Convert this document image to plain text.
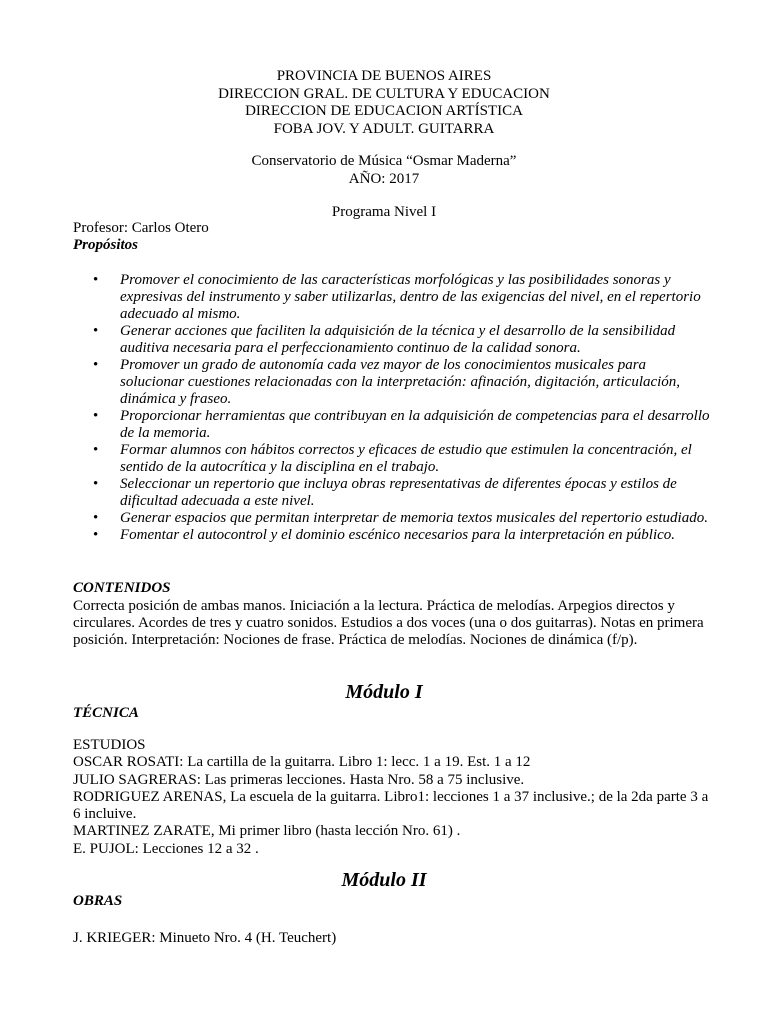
PROVINCIA DE BUENOS AIRES
DIRECCION GRAL. DE CULTURA Y EDUCACION
DIRECCION DE EDUCACION ARTÍSTICA
FOBA JOV. Y ADULT. GUITARRA
Conservatorio de Música “Osmar Maderna”
AÑO: 2017
Programa Nivel I
Profesor: Carlos Otero
Propósitos
• Promover el conocimiento de las características morfológicas y las posibilidades sonoras y expresivas del instrumento y saber utilizarlas, dentro de las exigencias del nivel, en el repertorio adecuado al mismo.
• Generar acciones que faciliten la adquisición de la técnica y el desarrollo de la sensibilidad auditiva necesaria para el perfeccionamiento continuo de la calidad sonora.
• Promover un grado de autonomía cada vez mayor de los conocimientos musicales para solucionar cuestiones relacionadas con la interpretación: afinación, digitación, articulación, dinámica y fraseo.
• Proporcionar herramientas que contribuyan en la adquisición de competencias para el desarrollo de la memoria.
• Formar alumnos con hábitos correctos y eficaces de estudio que estimulen la concentración, el sentido de la autocrítica y la disciplina en el trabajo.
• Seleccionar un repertorio que incluya obras representativas de diferentes épocas y estilos de dificultad adecuada a este nivel.
• Generar espacios que permitan interpretar de memoria textos musicales del repertorio estudiado.
• Fomentar el autocontrol y el dominio escénico necesarios para la interpretación en público.
CONTENIDOS
Correcta posición de ambas manos. Iniciación a la lectura. Práctica de melodías. Arpegios directos y circulares. Acordes de tres y cuatro sonidos. Estudios a dos voces (una o dos guitarras). Notas en primera posición. Interpretación: Nociones de frase. Práctica de melodías. Nociones de dinámica (f/p).
Módulo I
TÉCNICA
ESTUDIOS
OSCAR ROSATI: La cartilla de la guitarra. Libro 1: lecc. 1 a 19. Est. 1 a 12
JULIO SAGRERAS: Las primeras lecciones. Hasta Nro. 58 a 75 inclusive.
RODRIGUEZ ARENAS, La escuela de la guitarra. Libro1: lecciones 1 a 37 inclusive.; de la 2da parte 3 a 6 incluive.
MARTINEZ ZARATE, Mi primer libro (hasta lección Nro. 61) .
E. PUJOL: Lecciones 12 a 32 .
Módulo II
OBRAS
J. KRIEGER: Minueto Nro. 4 (H. Teuchert)
